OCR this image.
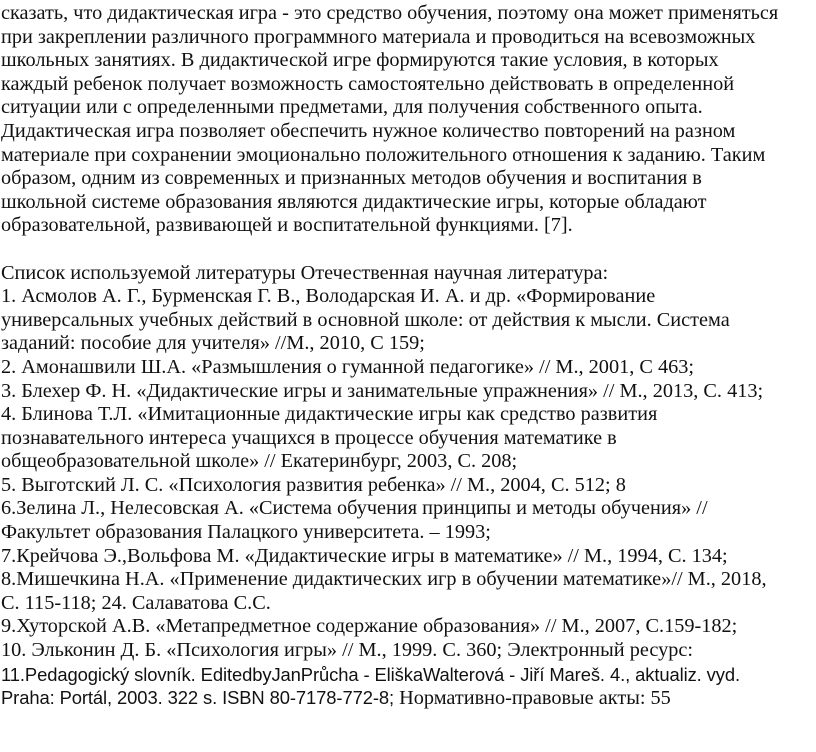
сказать, что дидактическая игра - это средство обучения, поэтому она может применяться
при закреплении различного программного материала и проводиться на всевозможных
школьных занятиях. В дидактической игре формируются такие условия, в которых
каждый ребенок получает возможность самостоятельно действовать в определенной
ситуации или с определенными предметами, для получения собственного опыта.
Дидактическая игра позволяет обеспечить нужное количество повторений на разном
материале при сохранении эмоционально положительного отношения к заданию. Таким
образом, одним из современных и признанных методов обучения и воспитания в
школьной системе образования являются дидактические игры, которые обладают
образовательной, развивающей и воспитательной функциями. [7].
Список используемой литературы Отечественная научная литература:
1. Асмолов А. Г., Бурменская Г. В., Володарская И. А. и др. «Формирование
универсальных учебных действий в основной школе: от действия к мысли. Система
заданий: пособие для учителя» //М., 2010, С 159;
2. Амонашвили Ш.А. «Размышления о гуманной педагогике» // М., 2001, С 463;
3. Блехер Ф. Н. «Дидактические игры и занимательные упражнения» // М., 2013, С. 413;
4. Блинова Т.Л. «Имитационные дидактические игры как средство развития
познавательного интереса учащихся в процессе обучения математике в
общеобразовательной школе» // Екатеринбург, 2003, С. 208;
5. Выготский Л. С. «Психология развития ребенка» // М., 2004, С. 512; 8
6.Зелина Л., Нелесовская А. «Система обучения принципы и методы обучения» //
Факультет образования Палацкого университета. – 1993;
7.Крейчова Э.,Вольфова М. «Дидактические игры в математике» // М., 1994, С. 134;
8.Мишечкина Н.А. «Применение дидактических игр в обучении математике»// М., 2018,
С. 115-118; 24. Салаватова С.С.
9.Хуторской А.В. «Метапредметное содержание образования» // М., 2007, С.159-182;
10. Эльконин Д. Б. «Психология игры» // М., 1999. С. 360; Электронный ресурс:
11.Pedagogický slovník. EditedbyJanPrůcha - EliškaWalterová - Jiří Mareš. 4., aktualiz. vyd.
Praha: Portál, 2003. 322 s. ISBN 80-7178-772-8; Нормативно-правовые акты: 55
